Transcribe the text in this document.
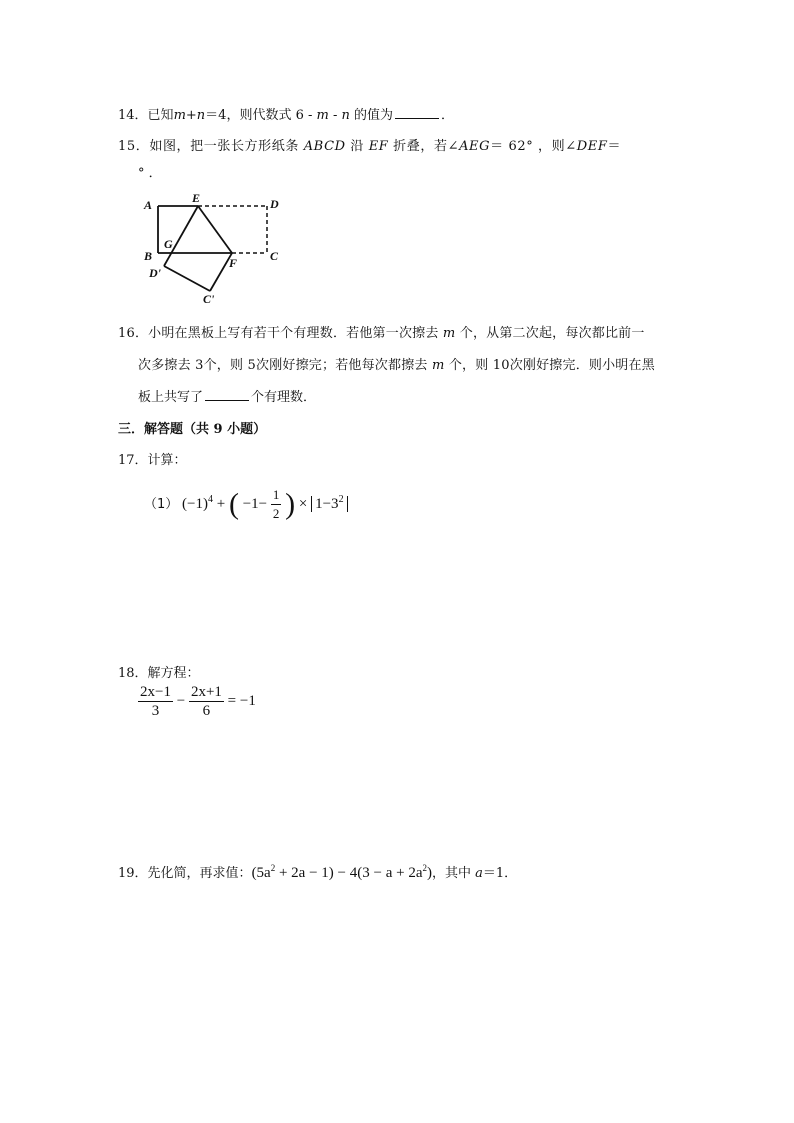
14．已知m+n＝4，则代数式 6 - m - n 的值为	．
15．如图，把一张长方形纸条 ABCD 沿 EF 折叠，若∠AEG＝ 62° ，则∠DEF＝
° ．
A	E	D
G
B	F	C
D'
C'
16．小明在黑板上写有若干个有理数．若他第一次擦去 m 个，从第二次起，每次都比前一
次多擦去 3个，则 5次刚好擦完；若他每次都擦去 m 个，则 10次刚好擦完．则小明在黑
板上共写了	个有理数．
三．解答题（共 9 小题）
17．计算：
（1） $(-1)^4$ + ( $-1- \frac{1}{2}$ ) × $1-3^2$
18．解方程：
$\frac{2x-1}{3} - \frac{2x+1}{6} = -1$
19．先化简，再求值：$(5a^2 + 2a - 1) - 4(3 - a + 2a^2)$，其中 a＝1．
